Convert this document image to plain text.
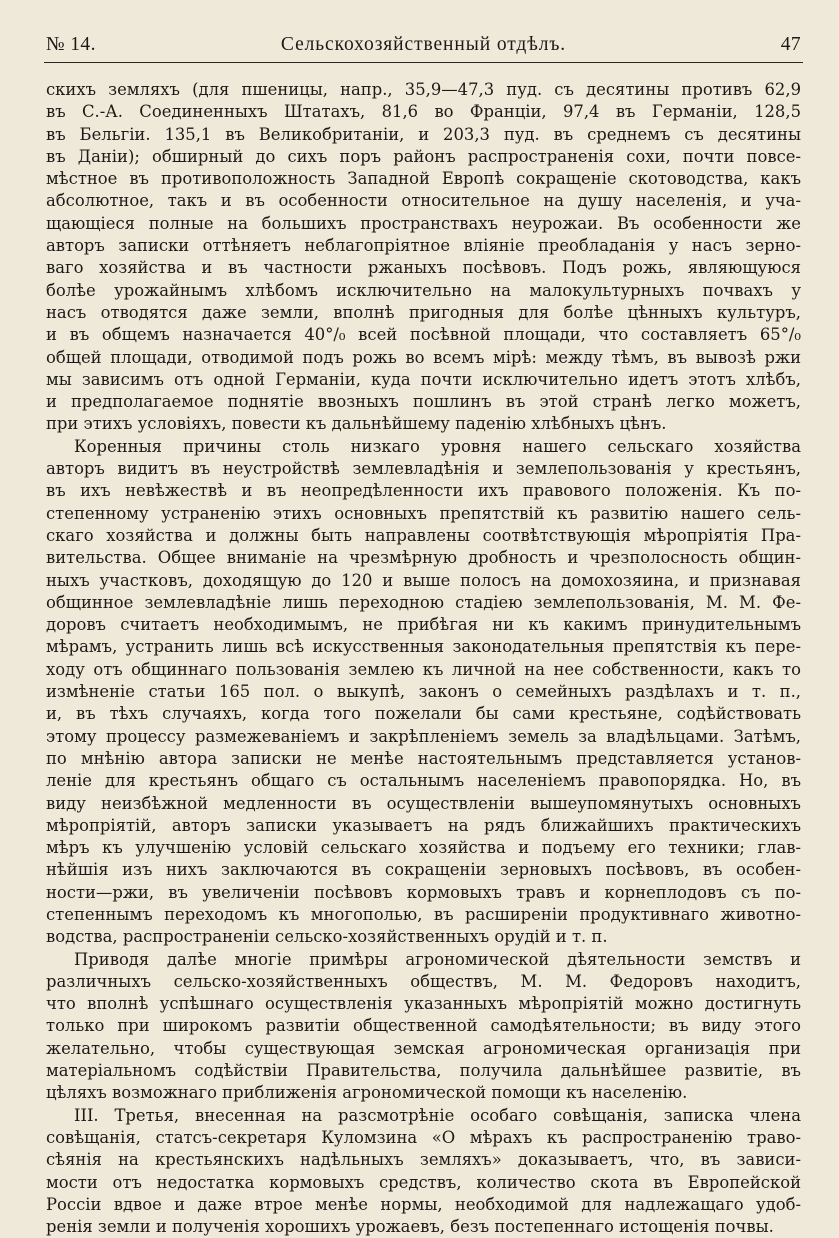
№ 14.	Сельскохозяйственный отдѣлъ.	47
скихъ земляхъ (для пшеницы, напр., 35,9—47,3 пуд. съ десятины противъ 62,9
въ С.-А. Соединенныхъ Штатахъ, 81,6 во Франціи, 97,4 въ Германіи, 128,5
въ Бельгіи. 135,1 въ Великобританіи, и 203,3 пуд. въ среднемъ съ десятины
въ Даніи); обширный до сихъ поръ районъ распространенія сохи, почти повсе-
мѣстное въ противоположность Западной Европѣ сокращеніе скотоводства, какъ
абсолютное, такъ и въ особенности относительное на душу населенія, и уча-
щающіеся полные на большихъ пространствахъ неурожаи. Въ особенности же
авторъ записки оттѣняетъ неблагопріятное вліяніе преобладанія у насъ зерно-
ваго хозяйства и въ частности ржаныхъ посѣвовъ. Подъ рожь, являющуюся
болѣе урожайнымъ хлѣбомъ исключительно на малокультурныхъ почвахъ у
насъ отводятся даже земли, вполнѣ пригодныя для болѣе цѣнныхъ культуръ,
и въ общемъ назначается 40°/₀ всей посѣвной площади, что составляетъ 65°/₀
общей площади, отводимой подъ рожь во всемъ мірѣ: между тѣмъ, въ вывозѣ ржи
мы зависимъ отъ одной Германіи, куда почти исключительно идетъ этотъ хлѣбъ,
и предполагаемое поднятіе ввозныхъ пошлинъ въ этой странѣ легко можетъ,
при этихъ условіяхъ, повести къ дальнѣйшему паденію хлѣбныхъ цѣнъ.
Коренныя причины столь низкаго уровня нашего сельскаго хозяйства
авторъ видитъ въ неустройствѣ землевладѣнія и землепользованія у крестьянъ,
въ ихъ невѣжествѣ и въ неопредѣленности ихъ правового положенія. Къ по-
степенному устраненію этихъ основныхъ препятствій къ развитію нашего сель-
скаго хозяйства и должны быть направлены соотвѣтствующія мѣропріятія Пра-
вительства. Общее вниманіе на чрезмѣрную дробность и чрезполосность общин-
ныхъ участковъ, доходящую до 120 и выше полосъ на домохозяина, и признавая
общинное землевладѣніе лишь переходною стадіею землепользованія, М. М. Фе-
доровъ считаетъ необходимымъ, не прибѣгая ни къ какимъ принудительнымъ
мѣрамъ, устранить лишь всѣ искусственныя законодательныя препятствія къ пере-
ходу отъ общиннаго пользованія землею къ личной на нее собственности, какъ то
измѣненіе статьи 165 пол. о выкупѣ, законъ о семейныхъ раздѣлахъ и т. п.,
и, въ тѣхъ случаяхъ, когда того пожелали бы сами крестьяне, содѣйствовать
этому процессу размежеваніемъ и закрѣпленіемъ земель за владѣльцами. Затѣмъ,
по мнѣнію автора записки не менѣе настоятельнымъ представляется установ-
леніе для крестьянъ общаго съ остальнымъ населеніемъ правопорядка. Но, въ
виду неизбѣжной медленности въ осуществленіи вышеупомянутыхъ основныхъ
мѣропріятій, авторъ записки указываетъ на рядъ ближайшихъ практическихъ
мѣръ къ улучшенію условій сельскаго хозяйства и подъему его техники; глав-
нѣйшія изъ нихъ заключаются въ сокращеніи зерновыхъ посѣвовъ, въ особен-
ности—ржи, въ увеличеніи посѣвовъ кормовыхъ травъ и корнеплодовъ съ по-
степеннымъ переходомъ къ многополью, въ расширеніи продуктивнаго животно-
водства, распространеніи сельско-хозяйственныхъ орудій и т. п.
Приводя далѣе многіе примѣры агрономической дѣятельности земствъ и
различныхъ сельско-хозяйственныхъ обществъ, М. М. Федоровъ находитъ,
что вполнѣ успѣшнаго осуществленія указанныхъ мѣропріятій можно достигнуть
только при широкомъ развитіи общественной самодѣятельности; въ виду этого
желательно, чтобы существующая земская агрономическая организація при
матеріальномъ содѣйствіи Правительства, получила дальнѣйшее развитіе, въ
цѣляхъ возможнаго приближенія агрономической помощи къ населенію.
III. Третья, внесенная на разсмотрѣніе особаго совѣщанія, записка члена
совѣщанія, статсъ-секретаря Куломзина «О мѣрахъ къ распространенію траво-
сѣянія на крестьянскихъ надѣльныхъ земляхъ» доказываетъ, что, въ зависи-
мости отъ недостатка кормовыхъ средствъ, количество скота въ Европейской
Россіи вдвое и даже втрое менѣе нормы, необходимой для надлежащаго удоб-
ренія земли и полученія хорошихъ урожаевъ, безъ постепеннаго истощенія почвы.
